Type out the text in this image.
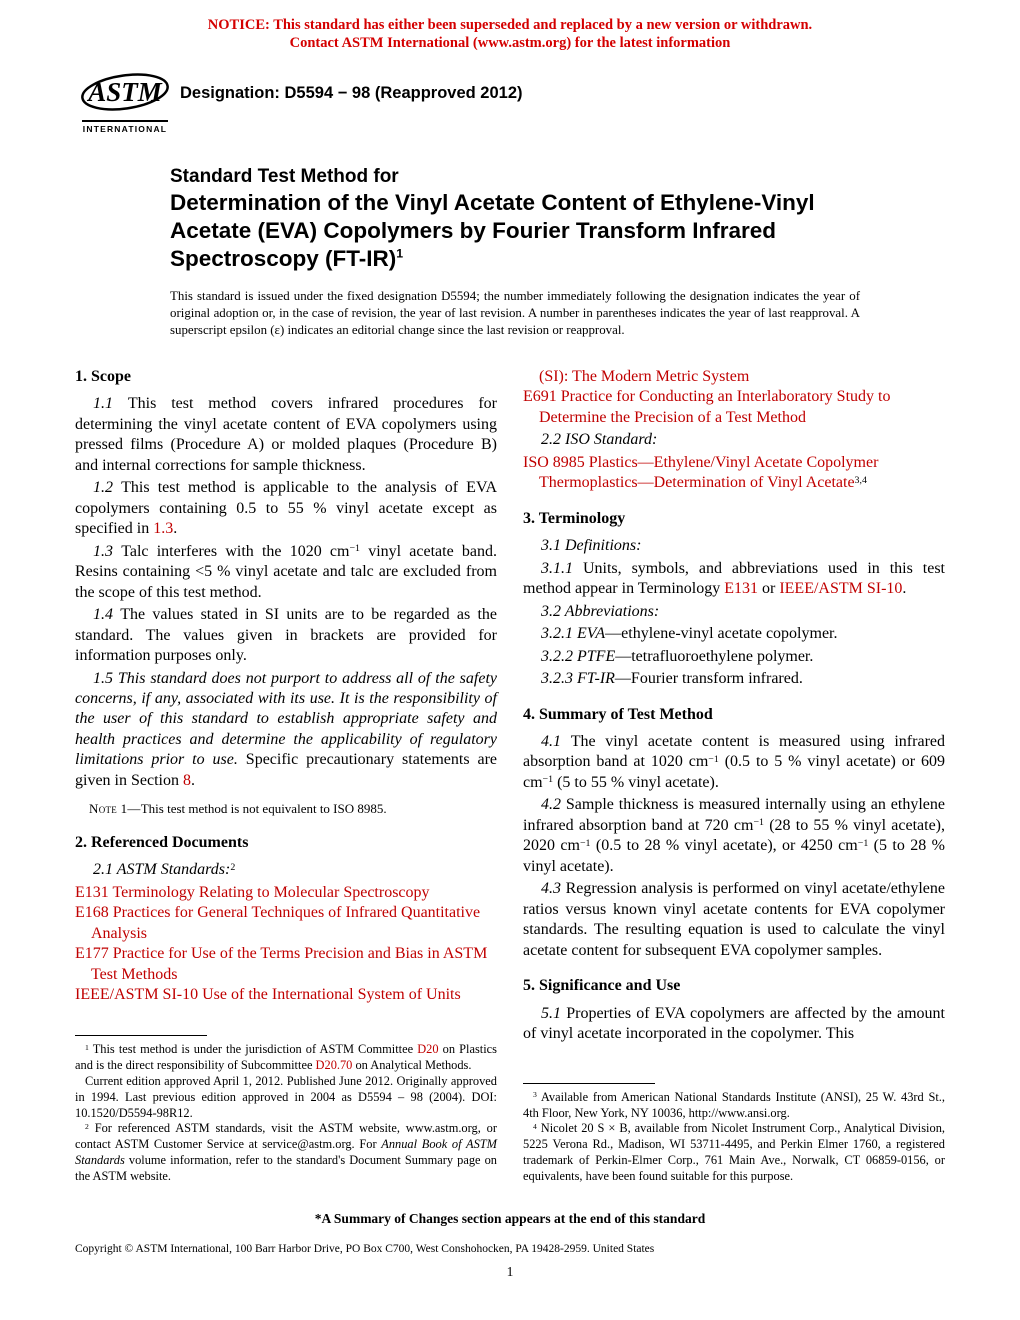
NOTICE: This standard has either been superseded and replaced by a new version or withdrawn.
Contact ASTM International (www.astm.org) for the latest information
ASTM
INTERNATIONAL
Designation: D5594 − 98 (Reapproved 2012)
Standard Test Method for
Determination of the Vinyl Acetate Content of Ethylene-Vinyl Acetate (EVA) Copolymers by Fourier Transform Infrared Spectroscopy $(FT-IR)^1$

This standard is issued under the fixed designation D5594; the number immediately following the designation indicates the year of original adoption or, in the case of revision, the year of last revision. A number in parentheses indicates the year of last reapproval. A superscript epsilon (ε) indicates an editorial change since the last revision or reapproval.

1. Scope
1.1 This test method covers infrared procedures for determining the vinyl acetate content of EVA copolymers using pressed films (Procedure A) or molded plaques (Procedure B) and internal corrections for sample thickness.
1.2 This test method is applicable to the analysis of EVA copolymers containing 0.5 to 55 % vinyl acetate except as specified in 1.3.
1.3 Talc interferes with the 1020 $cm^{-1}$ vinyl acetate band. Resins containing <5 % vinyl acetate and talc are excluded from the scope of this test method.
1.4 The values stated in SI units are to be regarded as the standard. The values given in brackets are provided for information purposes only.
1.5 This standard does not purport to address all of the safety concerns, if any, associated with its use. It is the responsibility of the user of this standard to establish appropriate safety and health practices and determine the applicability of regulatory limitations prior to use. Specific precautionary statements are given in Section 8.
Note 1—This test method is not equivalent to ISO 8985.
2. Referenced Documents
2.1 ASTM Standards:$^2$
E131 Terminology Relating to Molecular Spectroscopy
E168 Practices for General Techniques of Infrared Quantitative Analysis
E177 Practice for Use of the Terms Precision and Bias in ASTM Test Methods
IEEE/ASTM SI-10 Use of the International System of Units
$^1$ This test method is under the jurisdiction of ASTM Committee D20 on Plastics and is the direct responsibility of Subcommittee D20.70 on Analytical Methods.
Current edition approved April 1, 2012. Published June 2012. Originally approved in 1994. Last previous edition approved in 2004 as D5594 – 98 (2004). DOI: 10.1520/D5594-98R12.
$^2$ For referenced ASTM standards, visit the ASTM website, www.astm.org, or contact ASTM Customer Service at service@astm.org. For Annual Book of ASTM Standards volume information, refer to the standard's Document Summary page on the ASTM website.
(SI): The Modern Metric System
E691 Practice for Conducting an Interlaboratory Study to Determine the Precision of a Test Method
2.2 ISO Standard:
ISO 8985 Plastics—Ethylene/Vinyl Acetate Copolymer Thermoplastics—Determination of Vinyl Acetate$^{3,4}$
3. Terminology
3.1 Definitions:
3.1.1 Units, symbols, and abbreviations used in this test method appear in Terminology E131 or IEEE/ASTM SI-10.
3.2 Abbreviations:
3.2.1 EVA—ethylene-vinyl acetate copolymer.
3.2.2 PTFE—tetrafluoroethylene polymer.
3.2.3 FT-IR—Fourier transform infrared.
4. Summary of Test Method
4.1 The vinyl acetate content is measured using infrared absorption band at 1020 $cm^{-1}$ (0.5 to 5 % vinyl acetate) or 609 $cm^{-1}$ (5 to 55 % vinyl acetate).
4.2 Sample thickness is measured internally using an ethylene infrared absorption band at 720 $cm^{-1}$ (28 to 55 % vinyl acetate), 2020 $cm^{-1}$ (0.5 to 28 % vinyl acetate), or 4250 $cm^{-1}$ (5 to 28 % vinyl acetate).
4.3 Regression analysis is performed on vinyl acetate/ethylene ratios versus known vinyl acetate contents for EVA copolymer standards. The resulting equation is used to calculate the vinyl acetate content for subsequent EVA copolymer samples.
5. Significance and Use
5.1 Properties of EVA copolymers are affected by the amount of vinyl acetate incorporated in the copolymer. This
$^3$ Available from American National Standards Institute (ANSI), 25 W. 43rd St., 4th Floor, New York, NY 10036, http://www.ansi.org.
$^4$ Nicolet 20 S × B, available from Nicolet Instrument Corp., Analytical Division, 5225 Verona Rd., Madison, WI 53711-4495, and Perkin Elmer 1760, a registered trademark of Perkin-Elmer Corp., 761 Main Ave., Norwalk, CT 06859-0156, or equivalents, have been found suitable for this purpose.
*A Summary of Changes section appears at the end of this standard
Copyright © ASTM International, 100 Barr Harbor Drive, PO Box C700, West Conshohocken, PA 19428-2959. United States
1
